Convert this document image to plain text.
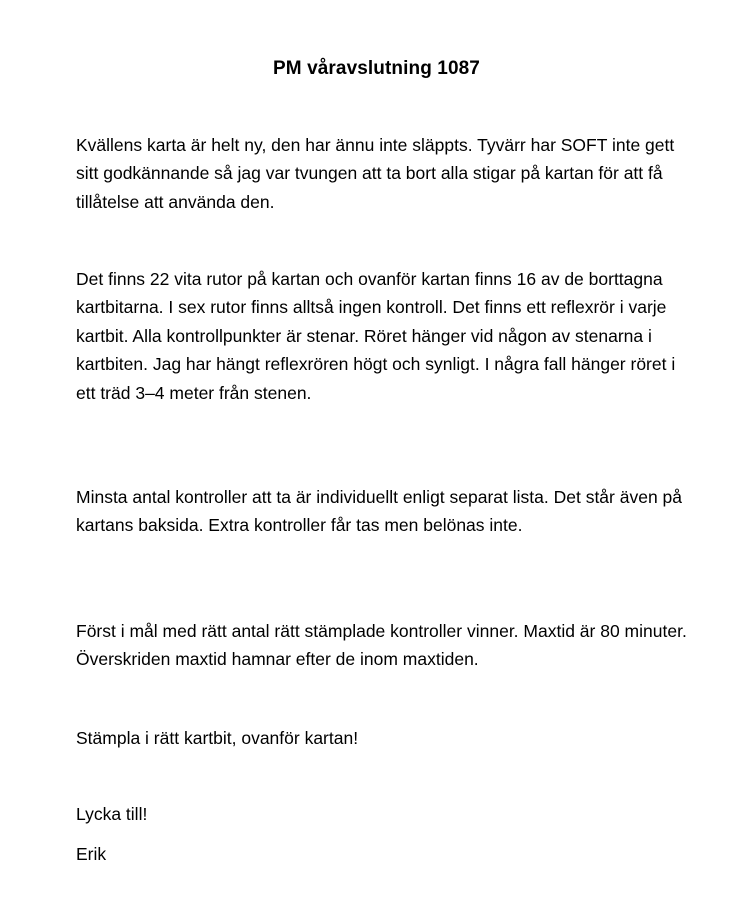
PM våravslutning 1087

Kvällens karta är helt ny, den har ännu inte släppts. Tyvärr har SOFT inte gett sitt godkännande så jag var tvungen att ta bort alla stigar på kartan för att få tillåtelse att använda den.

Det finns 22 vita rutor på kartan och ovanför kartan finns 16 av de borttagna kartbitarna. I sex rutor finns alltså ingen kontroll. Det finns ett reflexrör i varje kartbit. Alla kontrollpunkter är stenar. Röret hänger vid någon av stenarna i kartbiten. Jag har hängt reflexrören högt och synligt. I några fall hänger röret i ett träd 3–4 meter från stenen.

Minsta antal kontroller att ta är individuellt enligt separat lista. Det står även på kartans baksida. Extra kontroller får tas men belönas inte.

Först i mål med rätt antal rätt stämplade kontroller vinner. Maxtid är 80 minuter. Överskriden maxtid hamnar efter de inom maxtiden.

Stämpla i rätt kartbit, ovanför kartan!

Lycka till!

Erik
